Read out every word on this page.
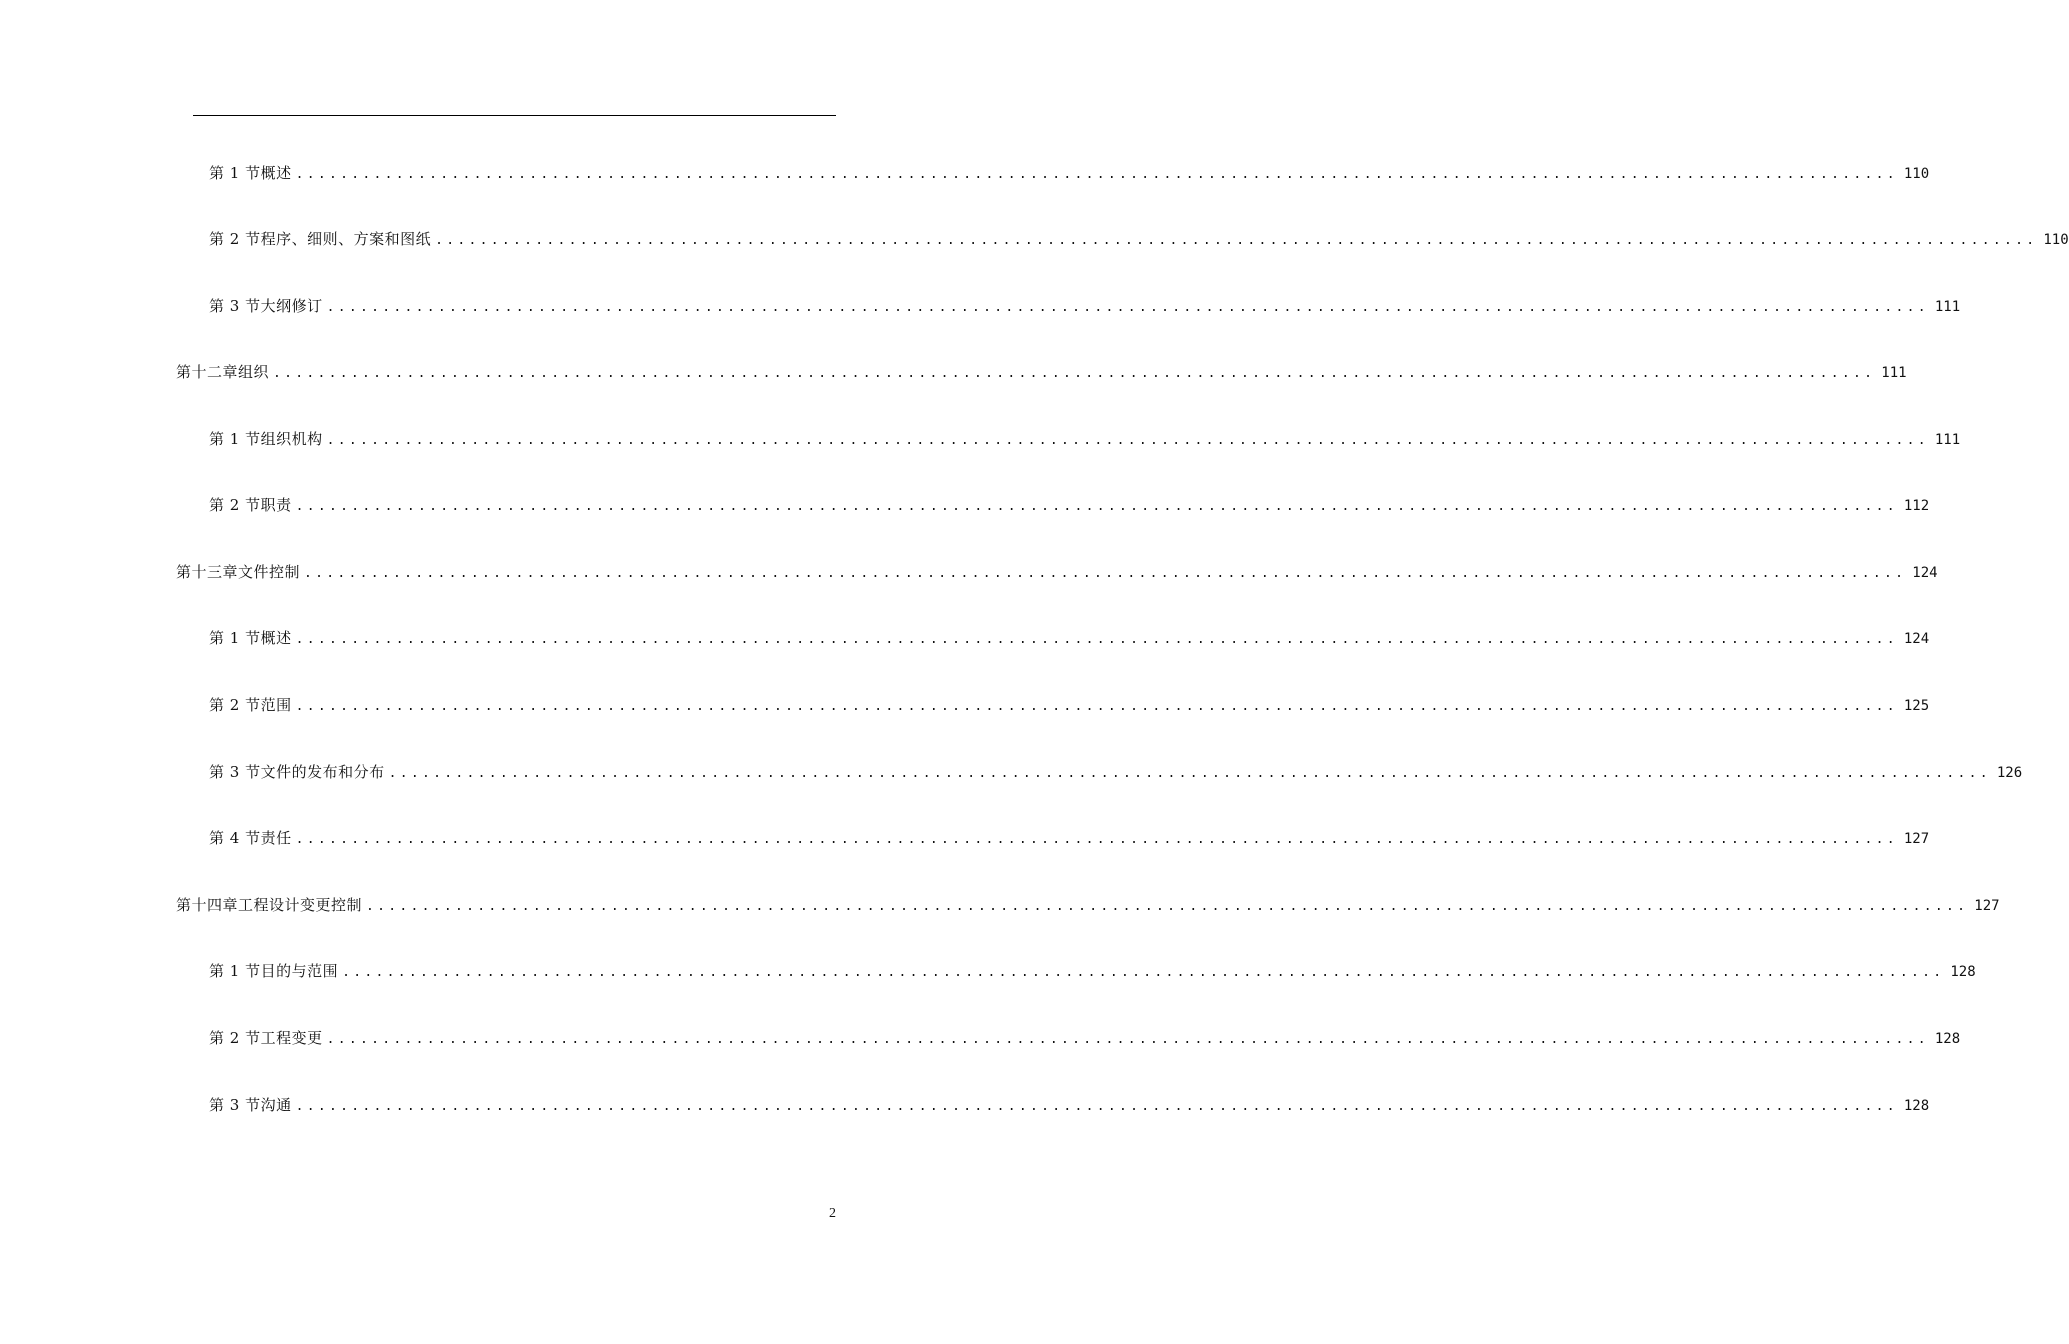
第 1 节 概述 ................................................................................................................................................ 110
第 2 节 程序、细则、方案和图纸 ................................................................................................................................................ 110
第 3 节 大纲修订 ................................................................................................................................................ 111
第十二章 组织 ................................................................................................................................................ 111
第 1 节 组织机构 ................................................................................................................................................ 111
第 2 节 职责 ................................................................................................................................................ 112
第十三章 文件控制 ................................................................................................................................................ 124
第 1 节 概述 ................................................................................................................................................ 124
第 2 节 范围 ................................................................................................................................................ 125
第 3 节 文件的发布和分布 ................................................................................................................................................ 126
第 4 节 责任 ................................................................................................................................................ 127
第十四章 工程设计变更控制 ................................................................................................................................................ 127
第 1 节 目的与范围 ................................................................................................................................................ 128
第 2 节 工程变更 ................................................................................................................................................ 128
第 3 节 沟通 ................................................................................................................................................ 128
2
